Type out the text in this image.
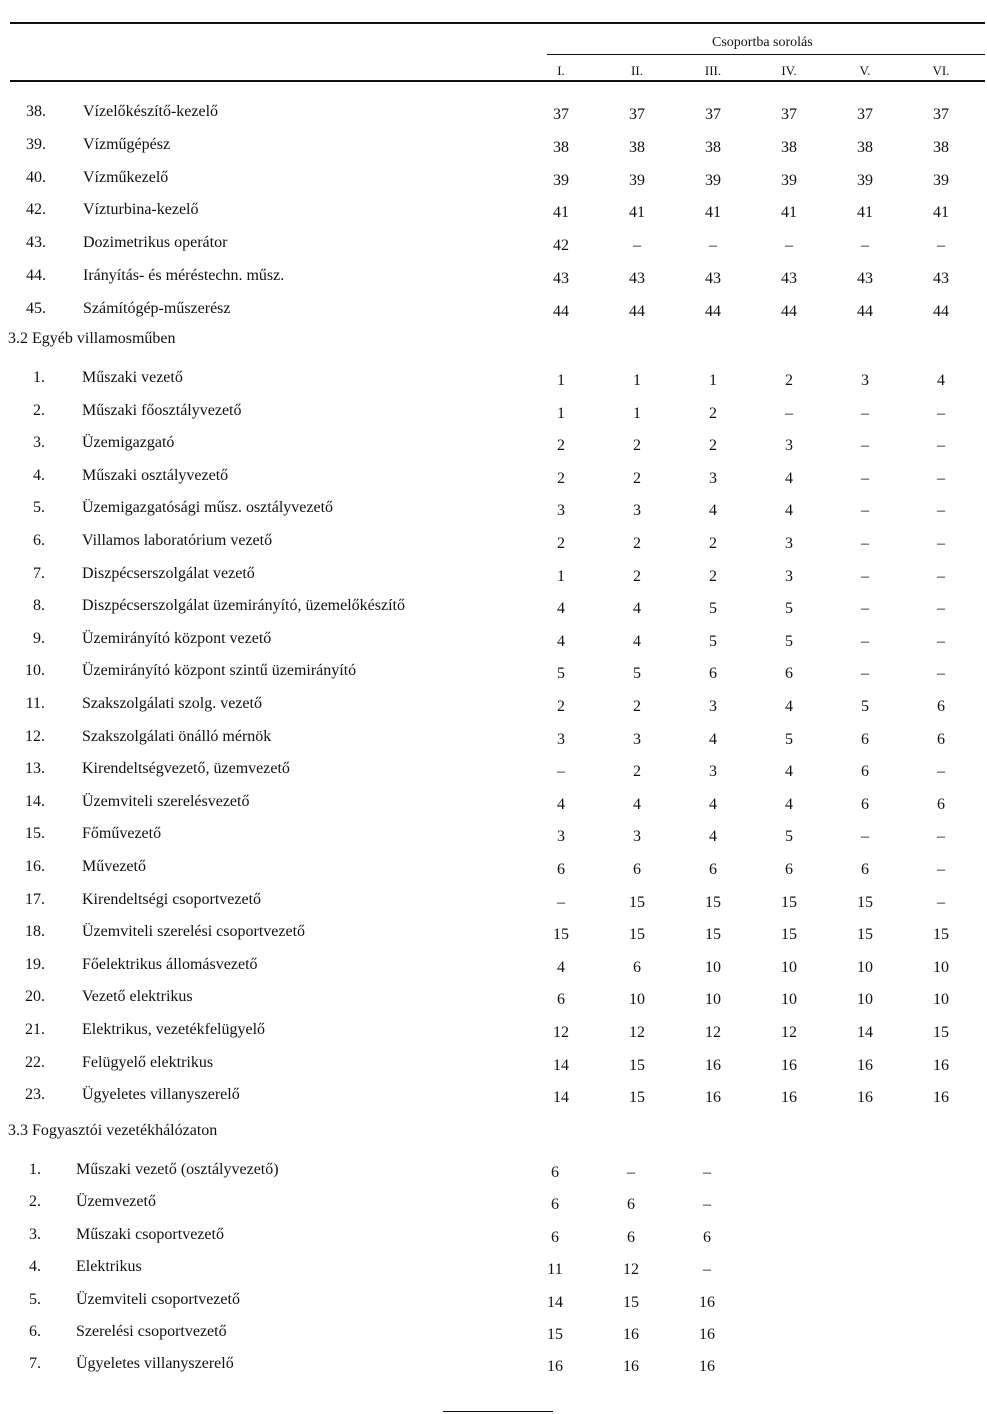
Csoportba sorolás
38. Vízelőkészítő-kezelő	37	37	37	37	37	37
39. Vízműgépész	38	38	38	38	38	38
40. Vízműkezelő	39	39	39	39	39	39
42. Vízturbina-kezelő	41	41	41	41	41	41
43. Dozimetrikus operátor	42	–	–	–	–	–
44. Irányítás- és méréstechn. műsz.	43	43	43	43	43	43
45. Számítógép-műszerész	44	44	44	44	44	44
3.2 Egyéb villamosműben
1. Műszaki vezető	1	1	1	2	3	4
2. Műszaki főosztályvezető	1	1	2	–	–	–
3. Üzemigazgató	2	2	2	3	–	–
4. Műszaki osztályvezető	2	2	3	4	–	–
5. Üzemigazgatósági műsz. osztályvezető	3	3	4	4	–	–
6. Villamos laboratórium vezető	2	2	2	3	–	–
7. Diszpécserszolgálat vezető	1	2	2	3	–	–
8. Diszpécserszolgálat üzemirányító, üzemelőkészítő	4	4	5	5	–	–
9. Üzemirányító központ vezető	4	4	5	5	–	–
10. Üzemirányító központ szintű üzemirányító	5	5	6	6	–	–
11. Szakszolgálati szolg. vezető	2	2	3	4	5	6
12. Szakszolgálati önálló mérnök	3	3	4	5	6	6
13. Kirendeltségvezető, üzemvezető	–	2	3	4	6	–
14. Üzemviteli szerelésvezető	4	4	4	4	6	6
15. Főművezető	3	3	4	5	–	–
16. Művezető	6	6	6	6	6	–
17. Kirendeltségi csoportvezető	–	15	15	15	15	–
18. Üzemviteli szerelési csoportvezető	15	15	15	15	15	15
19. Főelektrikus állomásvezető	4	6	10	10	10	10
20. Vezető elektrikus	6	10	10	10	10	10
21. Elektrikus, vezetékfelügyelő	12	12	12	12	14	15
22. Felügyelő elektrikus	14	15	16	16	16	16
23. Ügyeletes villanyszerelő	14	15	16	16	16	16
3.3 Fogyasztói vezetékhálózaton
1. Műszaki vezető (osztályvezető)	6	–	–
2. Üzemvezető	6	6	–
3. Műszaki csoportvezető	6	6	6
4. Elektrikus	11	12	–
5. Üzemviteli csoportvezető	14	15	16
6. Szerelési csoportvezető	15	16	16
7. Ügyeletes villanyszerelő	16	16	16
I.	II.	III.	IV.	V.	VI.
